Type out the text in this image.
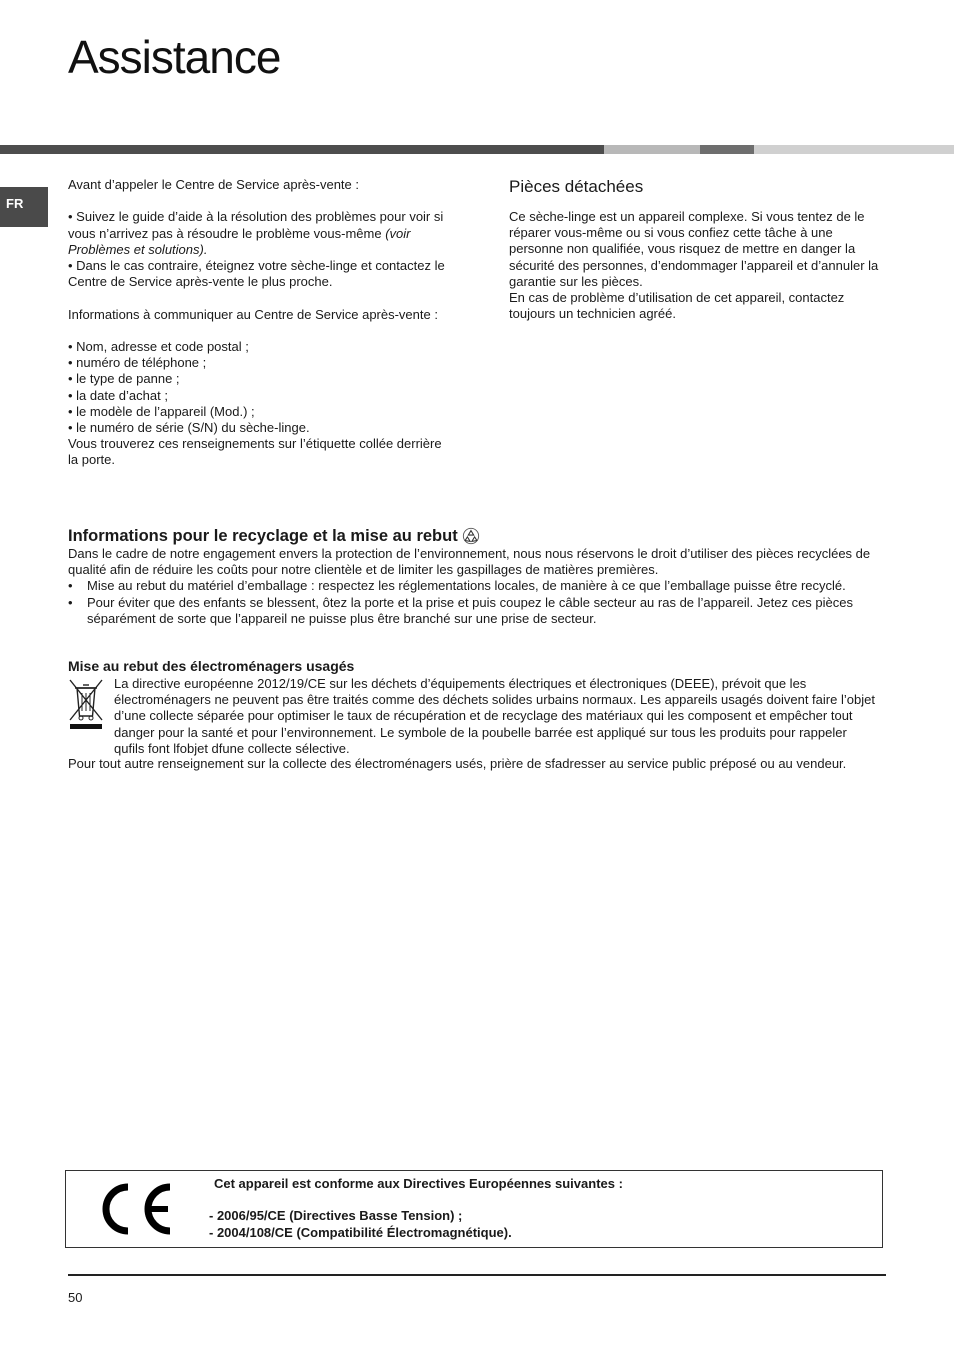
Assistance
FR
Avant d’appeler le Centre de Service après-vente :
• Suivez le guide d’aide à la résolution des problèmes pour voir si vous n’arrivez pas à résoudre le problème vous-même (voir Problèmes et solutions).
• Dans le cas contraire, éteignez votre sèche-linge et contactez le Centre de Service après-vente le plus proche.
Informations à communiquer au Centre de Service après-vente :
• Nom, adresse et code postal ;
• numéro de téléphone ;
• le type de panne ;
• la date d’achat ;
• le modèle de l’appareil (Mod.) ;
• le numéro de série (S/N) du sèche-linge.
Vous trouverez ces renseignements sur l’étiquette collée derrière la porte.
Pièces détachées
Ce sèche-linge est un appareil complexe. Si vous tentez de le réparer vous-même ou si vous confiez cette tâche à une personne non qualifiée, vous risquez de mettre en danger la sécurité des personnes, d’endommager l’appareil et d’annuler la garantie sur les pièces.
En cas de problème d’utilisation de cet appareil, contactez toujours un technicien agréé.
Informations pour le recyclage et la mise au rebut
Dans le cadre de notre engagement envers la protection de l’environnement, nous nous réservons le droit d’utiliser des pièces recyclées de qualité afin de réduire les coûts pour notre clientèle et de limiter les gaspillages de matières premières.
•	Mise au rebut du matériel d’emballage : respectez les réglementations locales, de manière à ce que l’emballage puisse être recyclé.
•	Pour éviter que des enfants se blessent, ôtez la porte et la prise et puis coupez le câble secteur au ras de l’appareil. Jetez ces pièces séparément de sorte que l’appareil ne puisse plus être branché sur une prise de secteur.
Mise au rebut des électroménagers usagés
La directive européenne 2012/19/CE sur les déchets d’équipements électriques et électroniques (DEEE), prévoit que les électroménagers ne peuvent pas être traités comme des déchets solides urbains normaux. Les appareils usagés doivent faire l’objet d’une collecte séparée pour optimiser le taux de récupération et de recyclage des matériaux qui les composent et empêcher tout danger pour la santé et pour l’environnement. Le symbole de la poubelle barrée est appliqué sur tous les produits pour rappeler qufils font lfobjet dfune collecte sélective.
Pour tout autre renseignement sur la collecte des électroménagers usés, prière de sfadresser au service public préposé ou au vendeur.
Cet appareil est conforme aux Directives Européennes suivantes :
- 2006/95/CE (Directives Basse Tension) ;
- 2004/108/CE (Compatibilité Électromagnétique).
50
